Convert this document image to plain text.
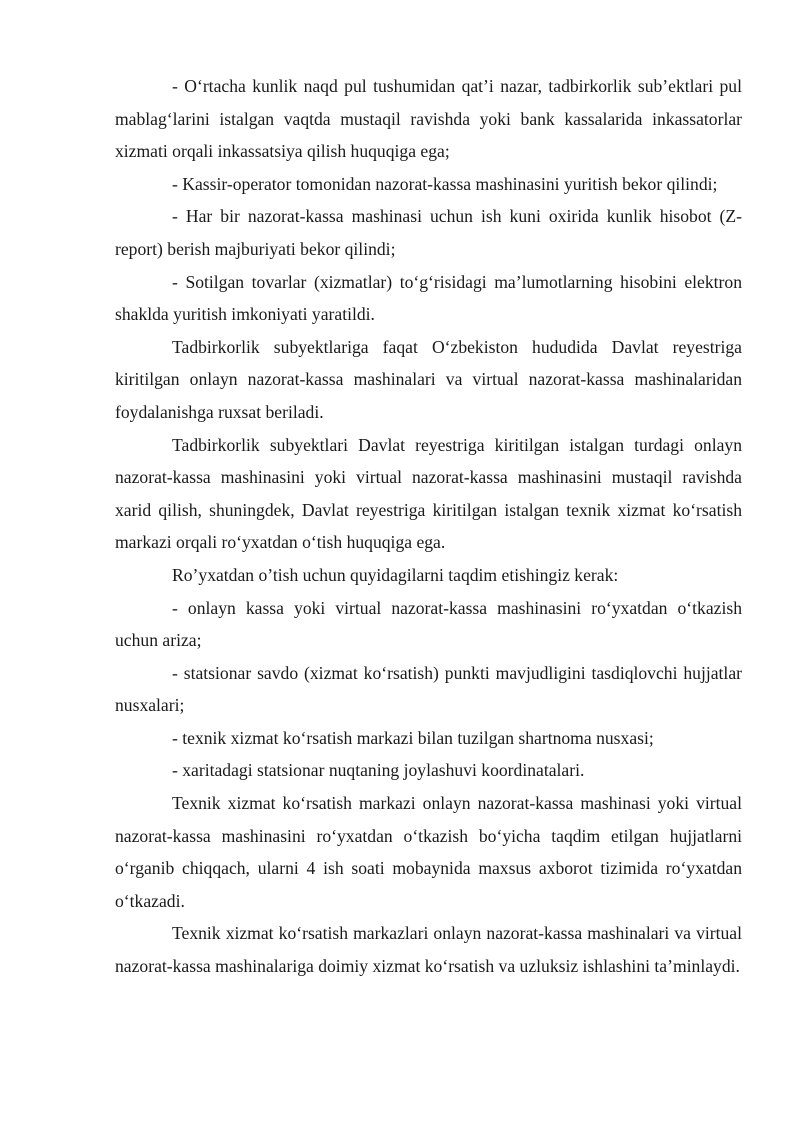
- O‘rtacha kunlik naqd pul tushumidan qat’i nazar, tadbirkorlik sub’ektlari pul mablag‘larini istalgan vaqtda mustaqil ravishda yoki bank kassalarida inkassatorlar xizmati orqali inkassatsiya qilish huquqiga ega;

- Kassir-operator tomonidan nazorat-kassa mashinasini yuritish bekor qilindi;

- Har bir nazorat-kassa mashinasi uchun ish kuni oxirida kunlik hisobot (Z-report) berish majburiyati bekor qilindi;

- Sotilgan tovarlar (xizmatlar) to‘g‘risidagi ma’lumotlarning hisobini elektron shaklda yuritish imkoniyati yaratildi.

Tadbirkorlik subyektlariga faqat O‘zbekiston hududida Davlat reyestriga kiritilgan onlayn nazorat-kassa mashinalari va virtual nazorat-kassa mashinalaridan foydalanishga ruxsat beriladi.

Tadbirkorlik subyektlari Davlat reyestriga kiritilgan istalgan turdagi onlayn nazorat-kassa mashinasini yoki virtual nazorat-kassa mashinasini mustaqil ravishda xarid qilish, shuningdek, Davlat reyestriga kiritilgan istalgan texnik xizmat ko‘rsatish markazi orqali ro‘yxatdan o‘tish huquqiga ega.

Ro’yxatdan o’tish uchun quyidagilarni taqdim etishingiz kerak:

- onlayn kassa yoki virtual nazorat-kassa mashinasini ro‘yxatdan o‘tkazish uchun ariza;

- statsionar savdo (xizmat ko‘rsatish) punkti mavjudligini tasdiqlovchi hujjatlar nusxalari;

- texnik xizmat ko‘rsatish markazi bilan tuzilgan shartnoma nusxasi;

- xaritadagi statsionar nuqtaning joylashuvi koordinatalari.

Texnik xizmat ko‘rsatish markazi onlayn nazorat-kassa mashinasi yoki virtual nazorat-kassa mashinasini ro‘yxatdan o‘tkazish bo‘yicha taqdim etilgan hujjatlarni o‘rganib chiqqach, ularni 4 ish soati mobaynida maxsus axborot tizimida ro‘yxatdan o‘tkazadi.

Texnik xizmat ko‘rsatish markazlari onlayn nazorat-kassa mashinalari va virtual nazorat-kassa mashinalariga doimiy xizmat ko‘rsatish va uzluksiz ishlashini ta’minlaydi.
